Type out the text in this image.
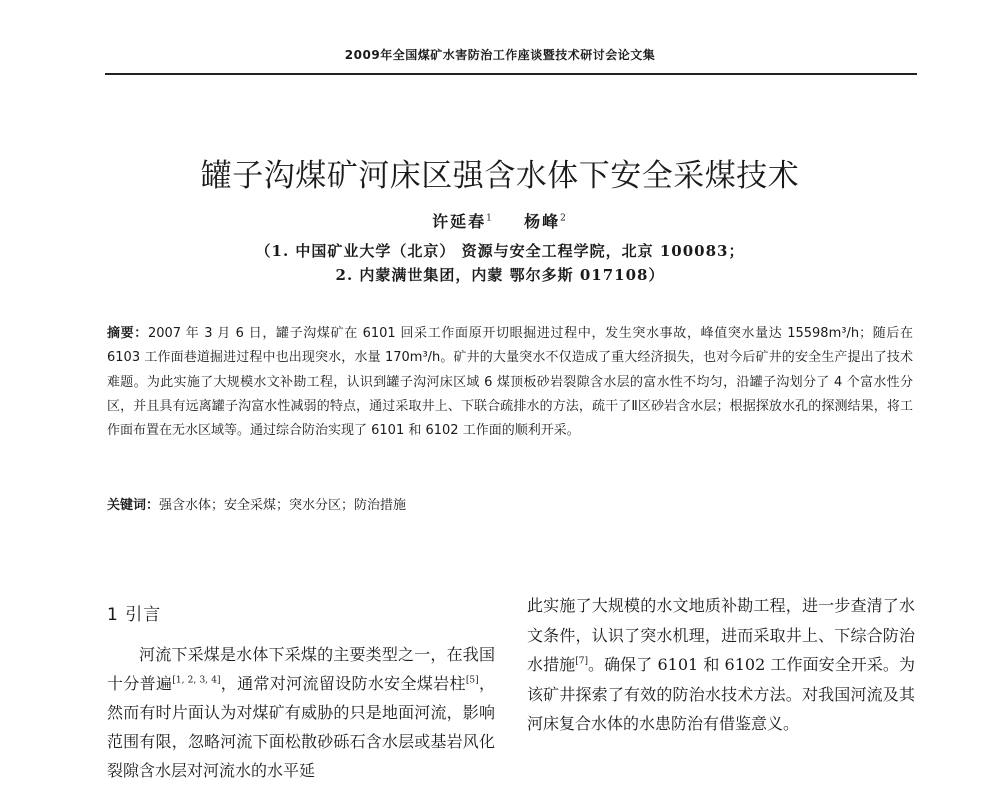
2009年全国煤矿水害防治工作座谈暨技术研讨会论文集
罐子沟煤矿河床区强含水体下安全采煤技术
许延春$^1$ 杨峰$^2$
（1. 中国矿业大学（北京） 资源与安全工程学院，北京 100083；
2. 内蒙满世集团，内蒙 鄂尔多斯 017108）
摘要：2007 年 3 月 6 日，罐子沟煤矿在 6101 回采工作面原开切眼掘进过程中，发生突水事故，峰值突水量达 15598m³/h；随后在 6103 工作面巷道掘进过程中也出现突水，水量 170m³/h。矿井的大量突水不仅造成了重大经济损失，也对今后矿井的安全生产提出了技术难题。为此实施了大规模水文补勘工程，认识到罐子沟河床区域 6 煤顶板砂岩裂隙含水层的富水性不均匀，沿罐子沟划分了 4 个富水性分区，并且具有远离罐子沟富水性减弱的特点，通过采取井上、下联合疏排水的方法，疏干了Ⅱ区砂岩含水层；根据探放水孔的探测结果，将工作面布置在无水区域等。通过综合防治实现了 6101 和 6102 工作面的顺利开采。
关键词：强含水体；安全采煤；突水分区；防治措施
1 引言

河流下采煤是水体下采煤的主要类型之一，在我国十分普遍[1, 2, 3, 4]，通常对河流留设防水安全煤岩柱[5]，然而有时片面认为对煤矿有威胁的只是地面河流，影响范围有限，忽略河流下面松散砂砾石含水层或基岩风化裂隙含水层对河流水的水平延

此实施了大规模的水文地质补勘工程，进一步查清了水文条件，认识了突水机理，进而采取井上、下综合防治水措施[7]。确保了 6101 和 6102 工作面安全开采。为该矿井探索了有效的防治水技术方法。对我国河流及其河床复合水体的水患防治有借鉴意义。
